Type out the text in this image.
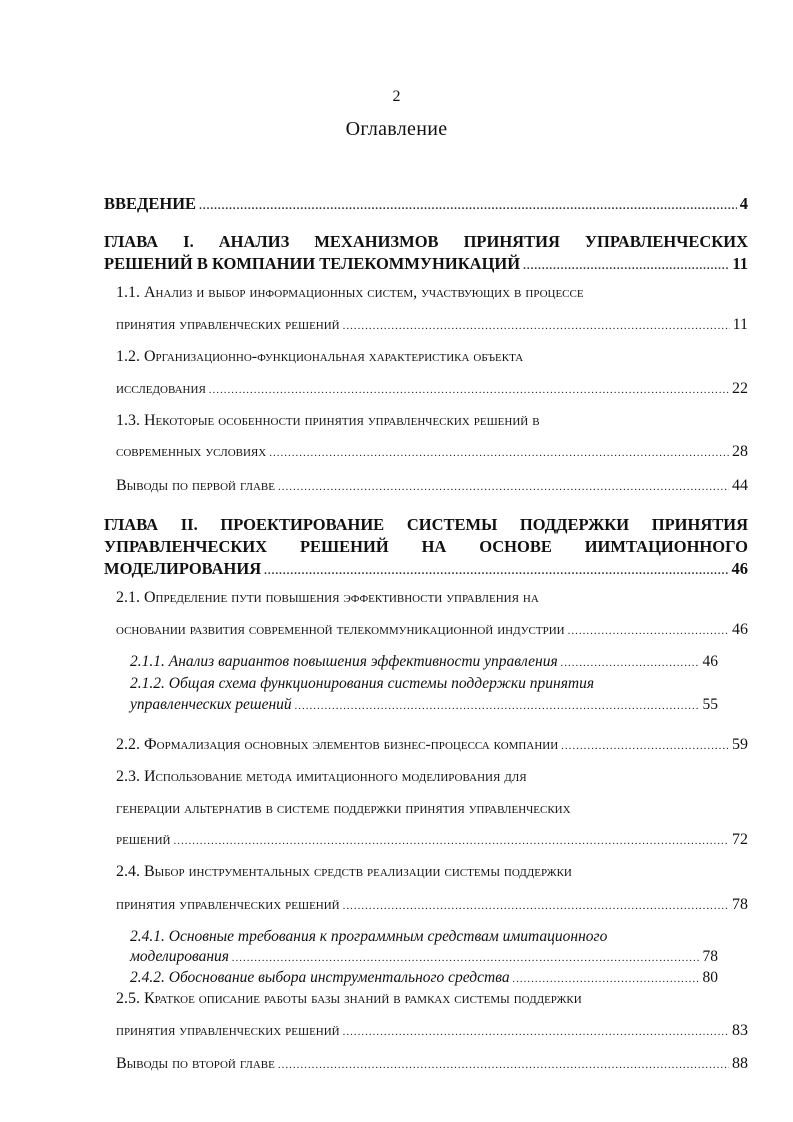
2
Оглавление
ВВЕДЕНИЕ .....	4
ГЛАВА I. АНАЛИЗ МЕХАНИЗМОВ ПРИНЯТИЯ УПРАВЛЕНЧЕСКИХ
РЕШЕНИЙ В КОМПАНИИ ТЕЛЕКОММУНИКАЦИЙ .....	11
1.1. Анализ и выбор информационных систем, участвующих в процессе
принятия управленческих решений .....	11
1.2. Организационно-функциональная характеристика объекта
исследования .....	22
1.3. Некоторые особенности принятия управленческих решений в
современных условиях .....	28
Выводы по первой главе .....	44
ГЛАВА II. ПРОЕКТИРОВАНИЕ СИСТЕМЫ ПОДДЕРЖКИ ПРИНЯТИЯ
УПРАВЛЕНЧЕСКИХ РЕШЕНИЙ НА ОСНОВЕ ИИМТАЦИОННОГО
МОДЕЛИРОВАНИЯ .....	46
2.1. Определение пути повышения эффективности управления на
основании развития современной телекоммуникационной индустрии .....	46
2.1.1. Анализ вариантов повышения эффективности управления .....	46
2.1.2. Общая схема функционирования системы поддержки принятия
управленческих решений .....	55
2.2. Формализация основных элементов бизнес-процесса компании .....	59
2.3. Использование метода имитационного моделирования для
генерации альтернатив в системе поддержки принятия управленческих
решений .....	72
2.4. Выбор инструментальных средств реализации системы поддержки
принятия управленческих решений .....	78
2.4.1. Основные требования к программным средствам имитационного
моделирования .....	78
2.4.2. Обоснование выбора инструментального средства .....	80
2.5. Краткое описание работы базы знаний в рамках системы поддержки
принятия управленческих решений .....	83
Выводы по второй главе .....	88
